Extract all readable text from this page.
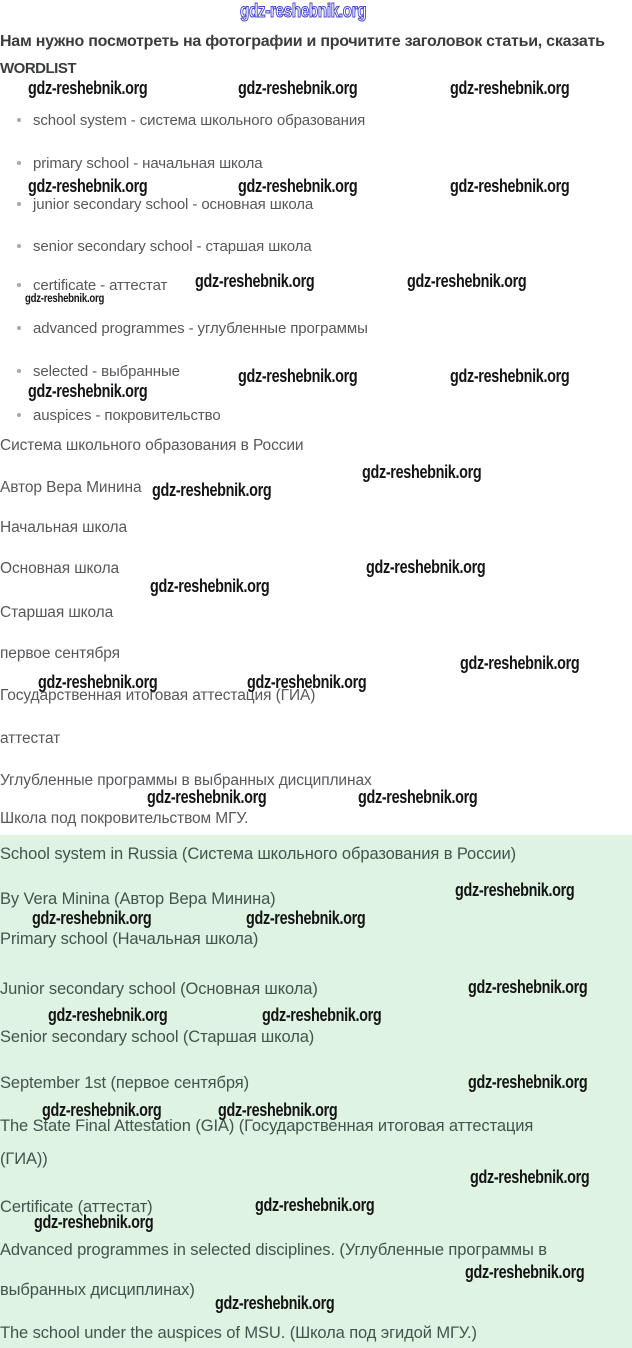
Нам нужно посмотреть на фотографии и прочитите заголовок статьи, сказать
WORDLIST
school system - система школьного образования
primary school - начальная школа
junior secondary school - основная школа
senior secondary school - старшая школа
certificate - аттестат
advanced programmes - углубленные программы
selected - выбранные
auspices - покровительство
Система школьного образования в России
Автор Вера Минина
Начальная школа
Основная школа
Старшая школа
первое сентября
Государственная итоговая аттестация (ГИА)
аттестат
Углубленные программы в выбранных дисциплинах
Школа под покровительством МГУ.
School system in Russia (Система школьного образования в России)
By Vera Minina (Автор Вера Минина)
Primary school (Начальная школа)
Junior secondary school (Основная школа)
Senior secondary school (Старшая школа)
September 1st (первое сентября)
The State Final Attestation (GIA) (Государственная итоговая аттестация
(ГИА))
Certificate (аттестат)
Advanced programmes in selected disciplines. (Углубленные программы в
выбранных дисциплинах)
The school under the auspices of MSU. (Школа под эгидой МГУ.)
gdz-reshebnik.org
gdz-reshebnik.org	gdz-reshebnik.org	gdz-reshebnik.org
gdz-reshebnik.org	gdz-reshebnik.org	gdz-reshebnik.org
gdz-reshebnik.org	gdz-reshebnik.org
gdz-reshebnik.org
gdz-reshebnik.org	gdz-reshebnik.org
gdz-reshebnik.org
gdz-reshebnik.org
gdz-reshebnik.org
gdz-reshebnik.org
gdz-reshebnik.org
gdz-reshebnik.org
gdz-reshebnik.org	gdz-reshebnik.org
gdz-reshebnik.org	gdz-reshebnik.org
gdz-reshebnik.org
gdz-reshebnik.org	gdz-reshebnik.org
gdz-reshebnik.org
gdz-reshebnik.org	gdz-reshebnik.org
gdz-reshebnik.org
gdz-reshebnik.org	gdz-reshebnik.org
gdz-reshebnik.org
gdz-reshebnik.org
gdz-reshebnik.org
gdz-reshebnik.org
gdz-reshebnik.org
